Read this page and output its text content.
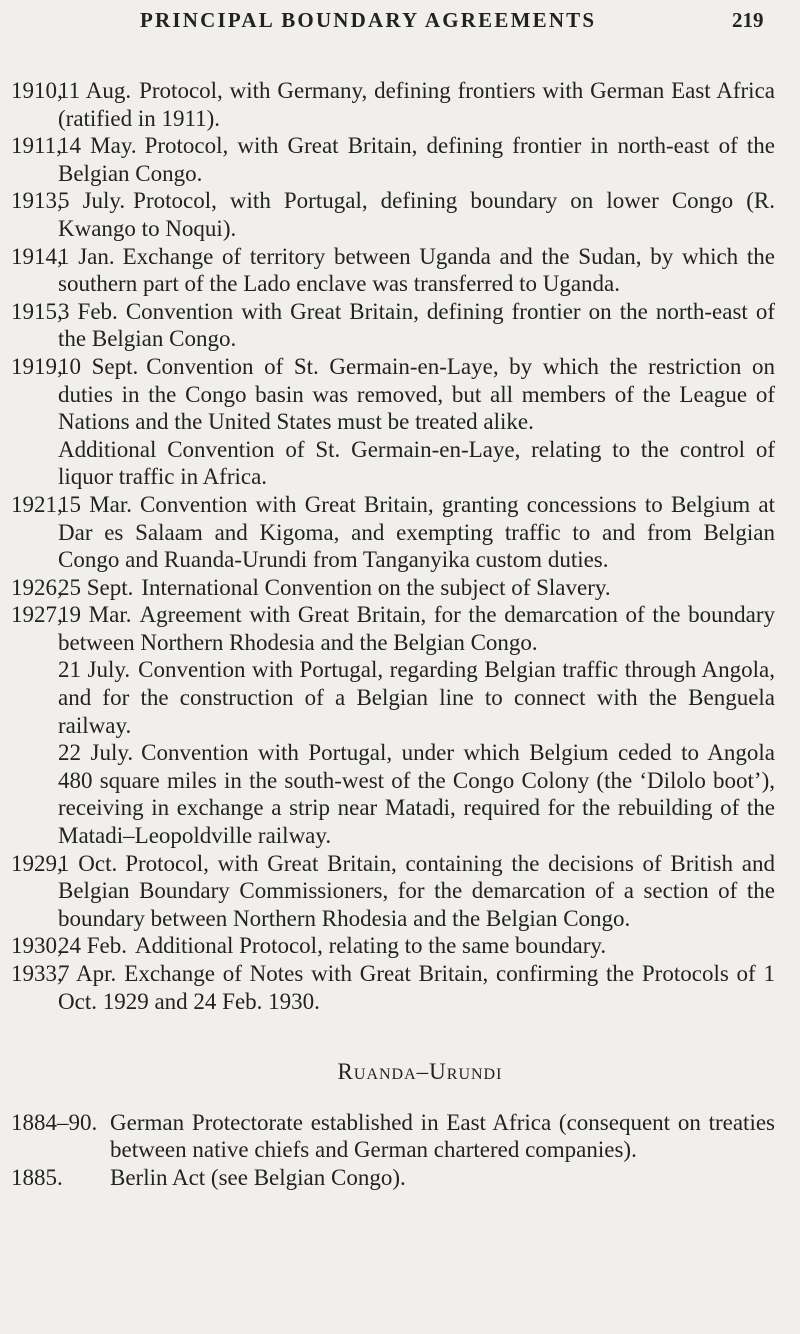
PRINCIPAL BOUNDARY AGREEMENTS	219
1910,

11 Aug. Protocol, with Germany, defining frontiers with German East Africa (ratified in 1911).

1911,

14 May. Protocol, with Great Britain, defining frontier in north-east of the Belgian Congo.

1913,

5 July. Protocol, with Portugal, defining boundary on lower Congo (R. Kwango to Noqui).

1914,

1 Jan. Exchange of territory between Uganda and the Sudan, by which the southern part of the Lado enclave was transferred to Uganda.

1915,

3 Feb. Convention with Great Britain, defining frontier on the north-east of the Belgian Congo.

1919,

10 Sept. Convention of St. Germain-en-Laye, by which the restriction on duties in the Congo basin was removed, but all members of the League of Nations and the United States must be treated alike.

Additional Convention of St. Germain-en-Laye, relating to the control of liquor traffic in Africa.

1921,

15 Mar. Convention with Great Britain, granting concessions to Belgium at Dar es Salaam and Kigoma, and exempting traffic to and from Belgian Congo and Ruanda-Urundi from Tanganyika custom duties.

1926,

25 Sept. International Convention on the subject of Slavery.

1927,

19 Mar. Agreement with Great Britain, for the demarcation of the boundary between Northern Rhodesia and the Belgian Congo.

21 July. Convention with Portugal, regarding Belgian traffic through Angola, and for the construction of a Belgian line to connect with the Benguela railway.

22 July. Convention with Portugal, under which Belgium ceded to Angola 480 square miles in the south-west of the Congo Colony (the ‘Dilolo boot’), receiving in exchange a strip near Matadi, required for the rebuilding of the Matadi–Leopoldville railway.

1929,

1 Oct. Protocol, with Great Britain, containing the decisions of British and Belgian Boundary Commissioners, for the demarcation of a section of the boundary between Northern Rhodesia and the Belgian Congo.

1930,

24 Feb. Additional Protocol, relating to the same boundary.

1933,

7 Apr. Exchange of Notes with Great Britain, confirming the Protocols of 1 Oct. 1929 and 24 Feb. 1930.

Ruanda–Urundi
1884–90. German Protectorate established in East Africa (consequent on treaties between native chiefs and German chartered companies).

1885. Berlin Act (see Belgian Congo).
